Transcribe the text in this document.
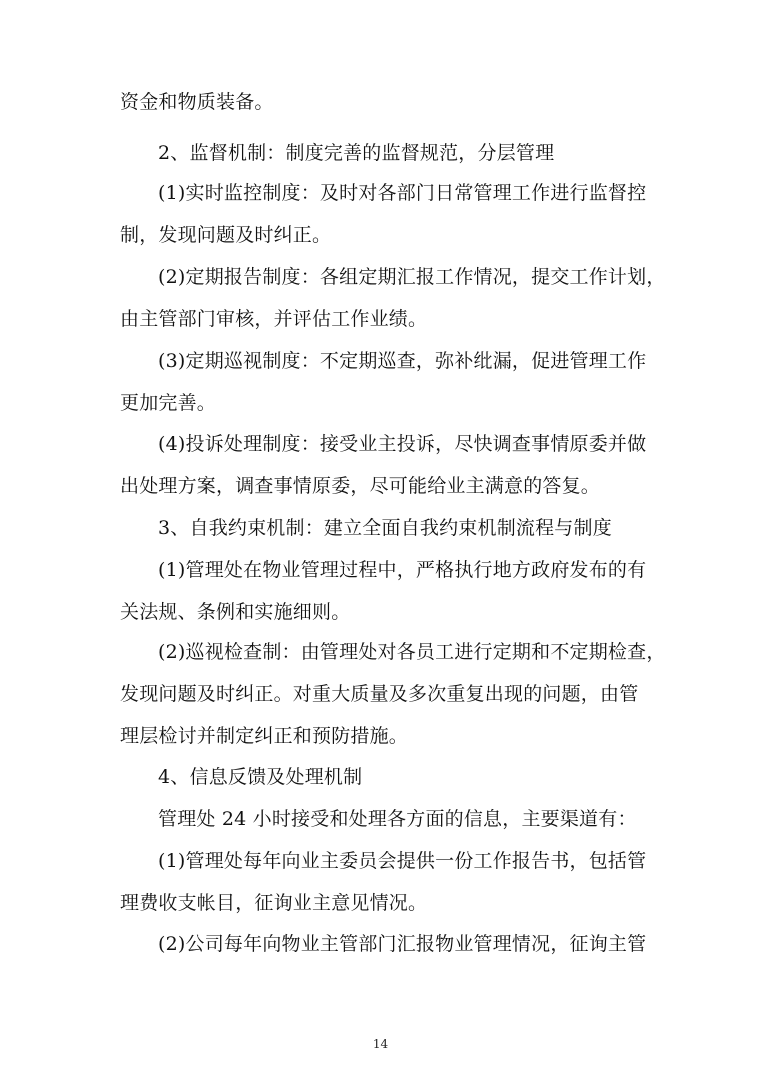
资金和物质装备。
2、监督机制：制度完善的监督规范，分层管理
(1)实时监控制度：及时对各部门日常管理工作进行监督控
制，发现问题及时纠正。
(2)定期报告制度：各组定期汇报工作情况，提交工作计划，
由主管部门审核，并评估工作业绩。
(3)定期巡视制度：不定期巡查，弥补纰漏，促进管理工作
更加完善。
(4)投诉处理制度：接受业主投诉，尽快调查事情原委并做
出处理方案，调查事情原委，尽可能给业主满意的答复。
3、自我约束机制：建立全面自我约束机制流程与制度
(1)管理处在物业管理过程中，严格执行地方政府发布的有
关法规、条例和实施细则。
(2)巡视检查制：由管理处对各员工进行定期和不定期检查，
发现问题及时纠正。对重大质量及多次重复出现的问题，由管
理层检讨并制定纠正和预防措施。
4、信息反馈及处理机制
管理处 24 小时接受和处理各方面的信息，主要渠道有：
(1)管理处每年向业主委员会提供一份工作报告书，包括管
理费收支帐目，征询业主意见情况。
(2)公司每年向物业主管部门汇报物业管理情况，征询主管
14
